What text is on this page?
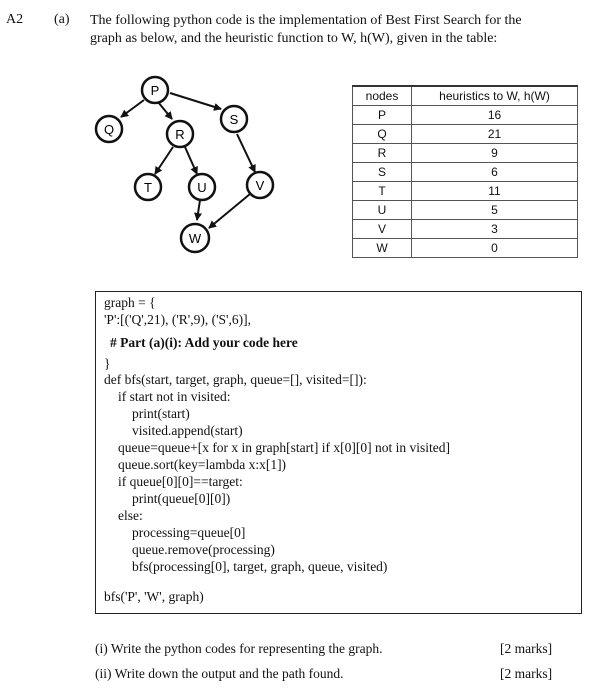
A2 (a) The following python code is the implementation of Best First Search for the
graph as below, and the heuristic function to W, h(W), given in the table:
P
Q	R
S
T	U	V
W
nodes	heuristics to W, h(W)
P	16
Q	21
R	9
S	6
T	11
U	5
V	3
W	0
graph = {
'P':[('Q',21), ('R',9), ('S',6)],
# Part (a)(i): Add your code here
}
def bfs(start, target, graph, queue=[], visited=[]):
if start not in visited:
print(start)
visited.append(start)
queue=queue+[x for x in graph[start] if x[0][0] not in visited]
queue.sort(key=lambda x:x[1])
if queue[0][0]==target:
print(queue[0][0])
else:
processing=queue[0]
queue.remove(processing)
bfs(processing[0], target, graph, queue, visited)
bfs('P', 'W', graph)
(i) Write the python codes for representing the graph.	[2 marks]
(ii) Write down the output and the path found.	[2 marks]
